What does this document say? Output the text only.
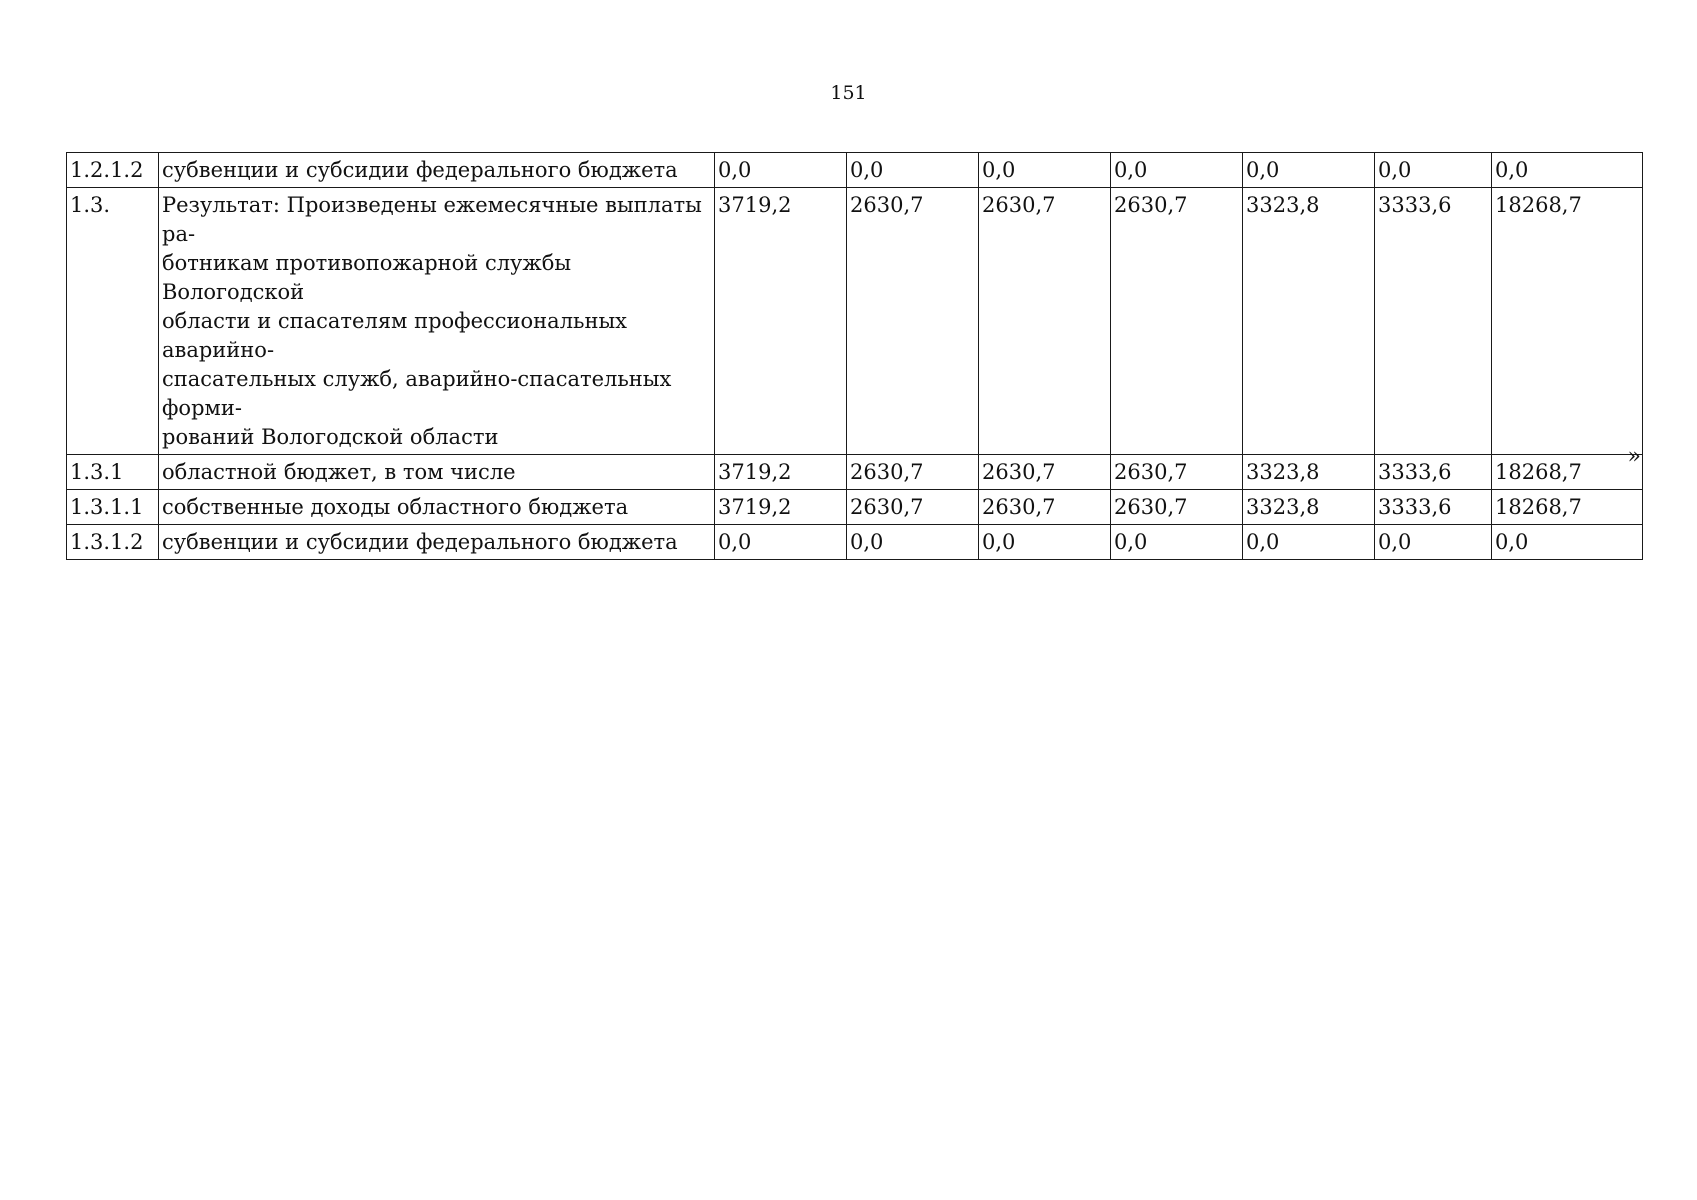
151
1.2.1.2	субвенции и субсидии федерального бюджета	0,0	0,0	0,0	0,0	0,0	0,0	0,0
1.3.	Результат: Произведены ежемесячные выплаты ра-
ботникам противопожарной службы Вологодской
области и спасателям профессиональных аварийно-
спасательных служб, аварийно-спасательных форми-
рований Вологодской области	3719,2	2630,7	2630,7	2630,7	3323,8	3333,6	18268,7
1.3.1	областной бюджет, в том числе	3719,2	2630,7	2630,7	2630,7	3323,8	3333,6	18268,7
1.3.1.1	собственные доходы областного бюджета	3719,2	2630,7	2630,7	2630,7	3323,8	3333,6	18268,7
1.3.1.2	субвенции и субсидии федерального бюджета	0,0	0,0	0,0	0,0	0,0	0,0	0,0
»
